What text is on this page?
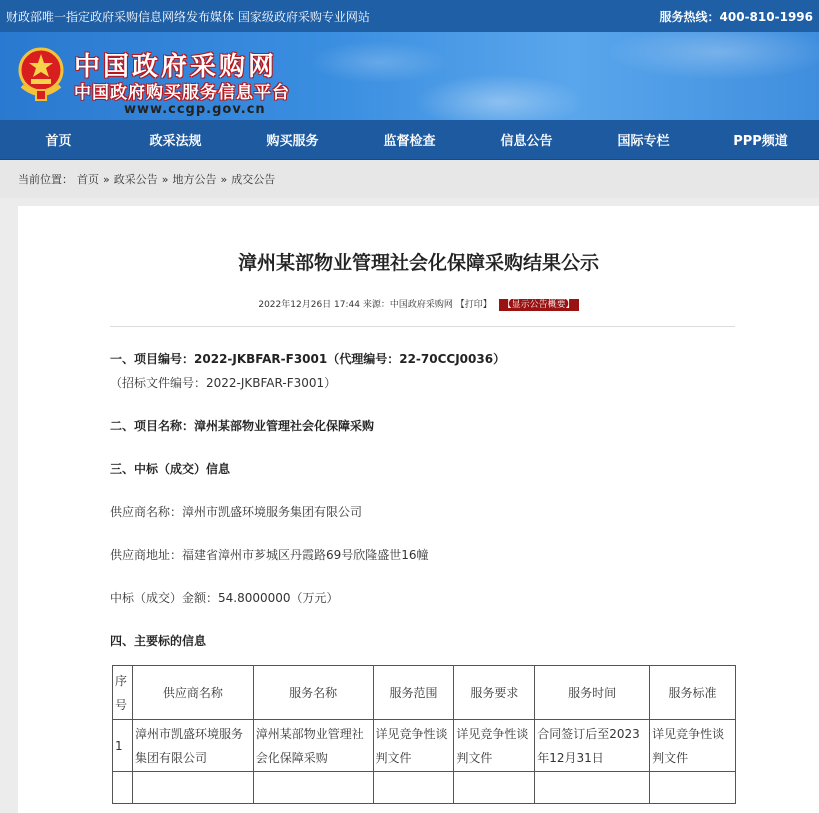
财政部唯一指定政府采购信息网络发布媒体 国家级政府采购专业网站	服务热线：400-810-1996
中国政府采购网
中国政府购买服务信息平台
www.ccgp.gov.cn
首页	政采法规	购买服务	监督检查	信息公告	国际专栏	PPP频道
当前位置： 首页 » 政采公告 » 地方公告 » 成交公告
漳州某部物业管理社会化保障采购结果公示
2022年12月26日 17:44 来源：中国政府采购网 【打印】 【显示公告概要】
一、项目编号：2022-JKBFAR-F3001（代理编号：22-70CCJ0036） （招标文件编号：2022-JKBFAR-F3001）
二、项目名称：漳州某部物业管理社会化保障采购
三、中标（成交）信息
供应商名称：漳州市凯盛环境服务集团有限公司
供应商地址：福建省漳州市芗城区丹霞路69号欣隆盛世16幢
中标（成交）金额：54.8000000（万元）
四、主要标的信息
序号	供应商名称	服务名称	服务范围	服务要求	服务时间	服务标准
1	漳州市凯盛环境服务集团有限公司	漳州某部物业管理社会化保障采购	详见竞争性谈判文件	详见竞争性谈判文件	合同签订后至2023年12月31日	详见竞争性谈判文件
